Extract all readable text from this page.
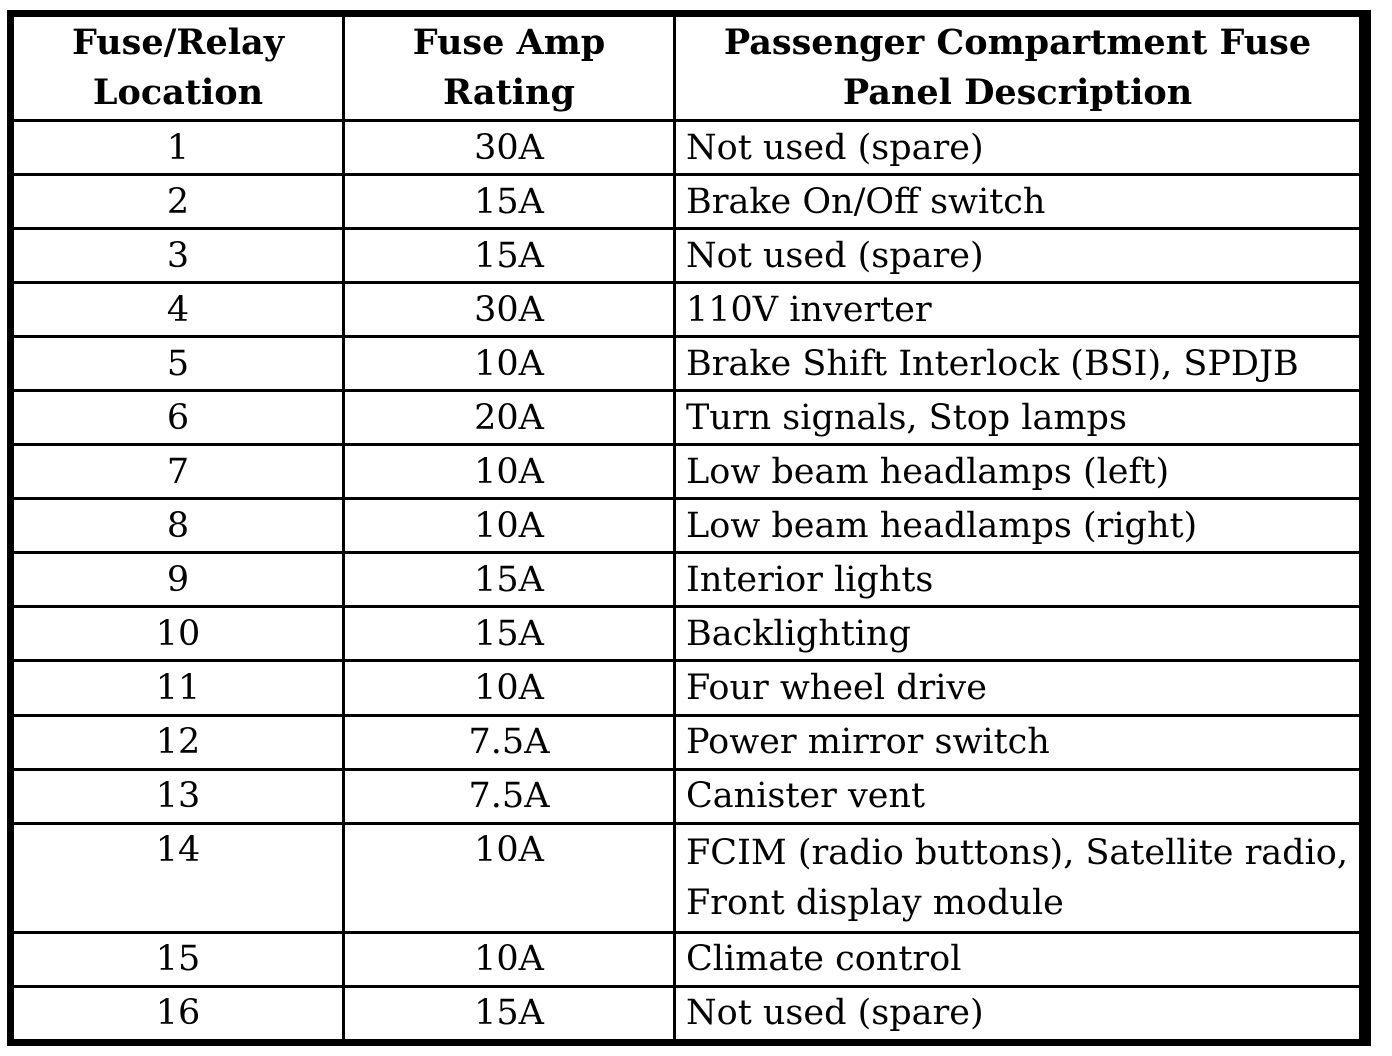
Fuse/Relay Location	Fuse Amp Rating	Passenger Compartment Fuse Panel Description
1	30A	Not used (spare)
2	15A	Brake On/Off switch
3	15A	Not used (spare)
4	30A	110V inverter
5	10A	Brake Shift Interlock (BSI), SPDJB
6	20A	Turn signals, Stop lamps
7	10A	Low beam headlamps (left)
8	10A	Low beam headlamps (right)
9	15A	Interior lights
10	15A	Backlighting
11	10A	Four wheel drive
12	7.5A	Power mirror switch
13	7.5A	Canister vent
14	10A	FCIM (radio buttons), Satellite radio, Front display module
15	10A	Climate control
16	15A	Not used (spare)
